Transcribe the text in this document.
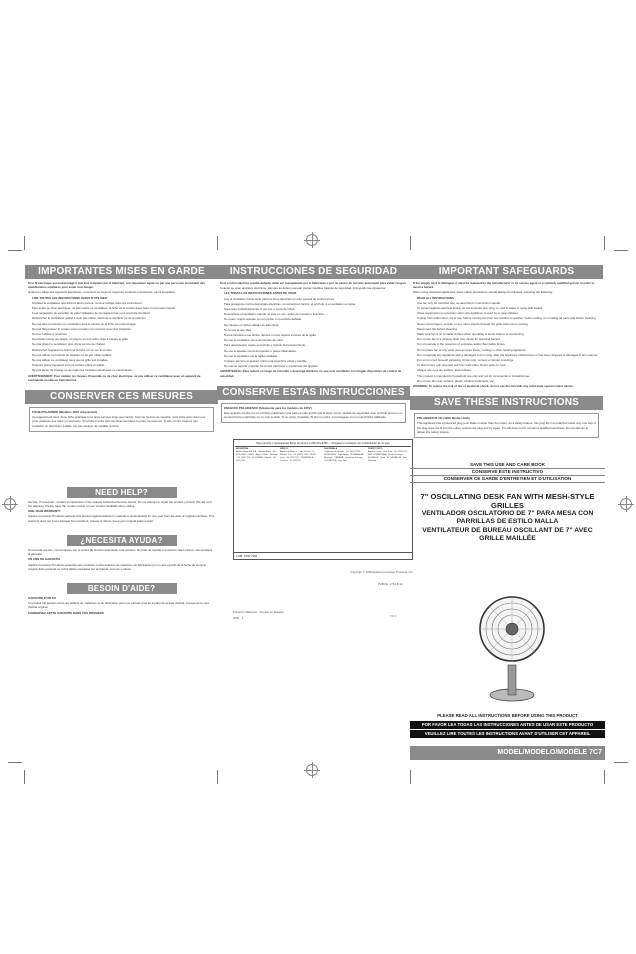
IMPORTANTES MISES EN GARDE

Si le fil électrique est endommagé il doit être remplacé par le fabricant, son réparateur agréé ou par une personne possédant des qualifications similaires pour éviter tout danger.

Quand on utilise des appareils électriques, il convient de toujours respecter certaines précautions, parmi lesquelles :

LIRE TOUTES LES INSTRUCTIONS AVANT D'UTILISER

N'utiliser le ventilateur que dans la façon prévue, comme indiqué dans les instructions.

Pour éviter un choc électrique, ne pas mettre ce ventilateur, la fiche ou le cordon dans l'eau ou tout autre liquide.

Il est nécessaire de surveiller de près l'utilisation de cet appareil par ou à proximité d'enfants.

Débrancher le ventilateur quand il n'est pas utilisé, avant de le déplacer ou de le nettoyer.

Ne pas faire fonctionner un ventilateur dont le cordon ou la fiche est endommagé.

Ne pas faire passer le cordon sous un tapis ni le recouvrir avec des carpettes.

Ne pas l'utiliser à l'extérieur.

Ne jamais insérer les doigts, un crayon ou tout autre objet à travers la grille.

Ne pas placer le ventilateur près d'une source de chaleur.

Débrancher l'appareil en tirant sur la fiche et non sur le cordon.

Ne pas utiliser à proximité de liquides ou de gaz inflammables.

Ne pas utiliser ce ventilateur sans que la grille soit installée.

Toujours placer l'appareil sur une surface plane et stable.

Ne pas tenter de réparer ou de régler les fonctions électriques ou mécaniques.

AVERTISSEMENT: Pour réduire les risques d'incendie ou de choc électrique, ne pas utiliser ce ventilateur avec un appareil de commande de vitesse transistorisé.

CONSERVER CES MESURES

FICHE POLARISÉE (Modèles 120V uniquement)

Cet appareil est muni d'une fiche polarisée (une lame est plus large que l'autre). Comme mesure de sécurité, cette fiche entre dans une prise polarisée que dans un seul sens. Si la fiche n'entre pas complètement dans la prise, la retourner. Si elle n'entre toujours pas, contacter un électricien qualifié. Ne pas essayer de modifier la fiche.

NEED HELP?

Service. If necessary, contact an electrician or the nearest Authorized Service Center. Do not attempt to repair the product yourself; this will void the warranty. Please have the model number of your product available when calling.

ONE-YEAR WARRANTY

Applica Consumer Products warrants this product against defects in material or workmanship for one year from the date of original purchase. This warranty does not cover damage from accident, misuse or abuse. Keep your original sales receipt.

¿NECESITA AYUDA?

Si necesita servicio, comuníquese con el centro de servicio autorizado más cercano. No trate de reparar el producto usted mismo; esto anularía la garantía.

UN AÑO DE GARANTÍA

Applica Consumer Products garantiza este producto contra defectos de material o de fabricación por un año a partir de la fecha de compra original. Esta garantía no cubre daños causados por accidente, mal uso o abuso.

BESOIN D'AIDE?

GARANTIE D'UN AN

Ce produit est garanti contre les défauts de matériaux et de fabrication pour une période d'un an à partir de la date d'achat. Conservez le reçu d'achat original.

CONSERVEZ CETTE GARANTIE DANS VOS DOSSIERS

INSTRUCCIONES DE SEGURIDAD

Si el cordón eléctrico resulta dañado, debe ser reemplazado por el fabricante o por un centro de servicio autorizado para evitar riesgos.

Cuando se usan aparatos eléctricos, siempre se deben respetar ciertas medidas básicas de seguridad, incluyendo las siguientes:

LEA TODAS LAS INSTRUCCIONES ANTES DE USAR

Use el ventilador únicamente para los fines descritos en este manual de instrucciones.

Para protegerse contra descargas eléctricas, no sumerja el cordón, el enchufe ni el ventilador en agua.

Supervise cuidadosamente el uso por o cerca de niños.

Desenchufe el ventilador cuando no esté en uso, antes de moverlo o limpiarlo.

No opere ningún aparato con el cordón o el enchufe dañado.

No coloque el cordón debajo de alfombras.

No lo use al aire libre.

Nunca introduzca los dedos, lápices u otros objetos a través de la rejilla.

No use el ventilador cerca de fuentes de calor.

Para desconectar, sujete el enchufe y retírelo del tomacorriente.

No use el aparato cerca de líquidos o gases inflamables.

No use el ventilador sin la rejilla instalada.

Coloque siempre el aparato sobre una superficie plana y estable.

No intente reparar o ajustar funciones eléctricas o mecánicas del aparato.

ADVERTENCIA: Para reducir el riesgo de incendio o descarga eléctrica, no use este ventilador con ningún dispositivo de control de velocidad.

CONSERVE ESTAS INSTRUCCIONES

ENCHUFE POLARIZADO (Solamente para los modelos de 120V)

Este aparato cuenta con un enchufe polarizado (una pata es más ancha que la otra). Como medida de seguridad, este enchufe entra en un tomacorriente polarizado en un solo sentido. Si no entra, inviértalo. Si aún no entra, comuníquese con un electricista calificado.

Para servicio o reparaciones llame al número 1-800-231-9786 — Póngase en contacto con el distribuidor de su país
ARGENTINA
Applica Argentina S.A. · Buenos Aires · Tel: (011) 4800 · CHILE · Applica Chile · Santiago · Tel: (562) 256 · COLOMBIA · Bogotá · Tel: (571) 587
MÉXICO
Applica de México · Lago Victoria 74 · México, D.F. · Tel: (5255) 5263 · PERÚ · Lima · Tel: (511) 261 · VENEZUELA · Caracas · Tel: (58212)
GUATEMALA
Ciudad de Guatemala · Tel: (502) 2331 · HONDURAS · Tegucigalpa · NICARAGUA · Managua · PANAMÁ · Ciudad de Panamá · COSTA RICA · San José
PUERTO RICO
Applica Caribe · San Juan · Tel: (787) 273 · REP. DOMINICANA · Santo Domingo · ECUADOR · Quito · EL SALVADOR · San Salvador
LOB: 7/06/ 7/08
Copyright © 2008 Applica Consumer Products, Inc.
PUB No. 1713-B-1A
Printed in Malaysia · Impreso en Malasia
2006 · 1	T.F.C
IMPORTANT SAFEGUARDS

If the supply cord is damaged, it must be replaced by the manufacturer or its service agent or a similarly qualified person in order to avoid a hazard.

When using electrical appliances, basic safety precautions should always be followed, including the following:

READ ALL INSTRUCTIONS

Use fan only for intended use, as described in instruction manual.

To protect against electrical shock, do not immerse unit, plug, or cord in water or spray with liquids.

Close supervision is necessary when any appliance is used by or near children.

Unplug from outlet when not in use, before moving fan from one location to another, before putting on or taking off parts and before cleaning.

Never insert fingers, pencils, or any other objects through the grille when fan is running.

Disconnect fan before cleaning.

Make sure fan is on a stable surface when operating to avoid chance of overturning.

Do not use fan in a window. Rain may cause an electrical hazard.

Do not operate in the presence of explosive and/or flammable fumes.

Do not place fan or any parts near an open flame, cooking or other heating appliance.

Do not operate any appliance with a damaged cord or plug, after the appliance malfunctions or has been dropped or damaged in any manner.

Do not run cord beneath carpeting, throw rugs, runners or similar coverings.

To disconnect, grip plug and pull from wall outlet. Never yank on cord.

Always use on a dry surface, level surface.

This product is intended for household use only and not for commercial or industrial use.

Do not use fan near curtains, plants, window treatments, etc.

WARNING: To reduce the risk of fire or electrical shock, do not use this fan with any solid-state speed control device.

SAVE THESE INSTRUCTIONS

POLARIZED PLUG (120V Models Only)

This appliance has a polarized plug (one blade is wider than the other). As a safety feature, this plug fits in a polarized outlet only one way. If the plug does not fit into the outlet, reverse the plug and try again. If it still does not fit, contact a qualified electrician. Do not attempt to defeat this safety feature.

SAVE THIS USE AND CARE BOOK
CONSERVE ESTE INSTRUCTIVO
CONSERVER CE GARDE D'ENTRETIEN ET D'UTILISATION
7" OSCILLATING DESK FAN WITH MESH-STYLE GRILLES
VENTILADOR OSCILATORIO DE 7" PARA MESA CON PARRILLAS DE ESTILO MALLA
VENTILATEUR DE BUREAU OSCILLANT DE 7" AVEC GRILLE MAILLÉE
PLEASE READ ALL INSTRUCTIONS BEFORE USING THIS PRODUCT
POR FAVOR LEA TODAS LAS INSTRUCCIONES ANTES DE USAR ESTE PRODUCTO
VEUILLEZ LIRE TOUTES LES INSTRUCTIONS AVANT D'UTILISER CET APPAREIL
MODEL/MODELO/MODÈLE 7C7
